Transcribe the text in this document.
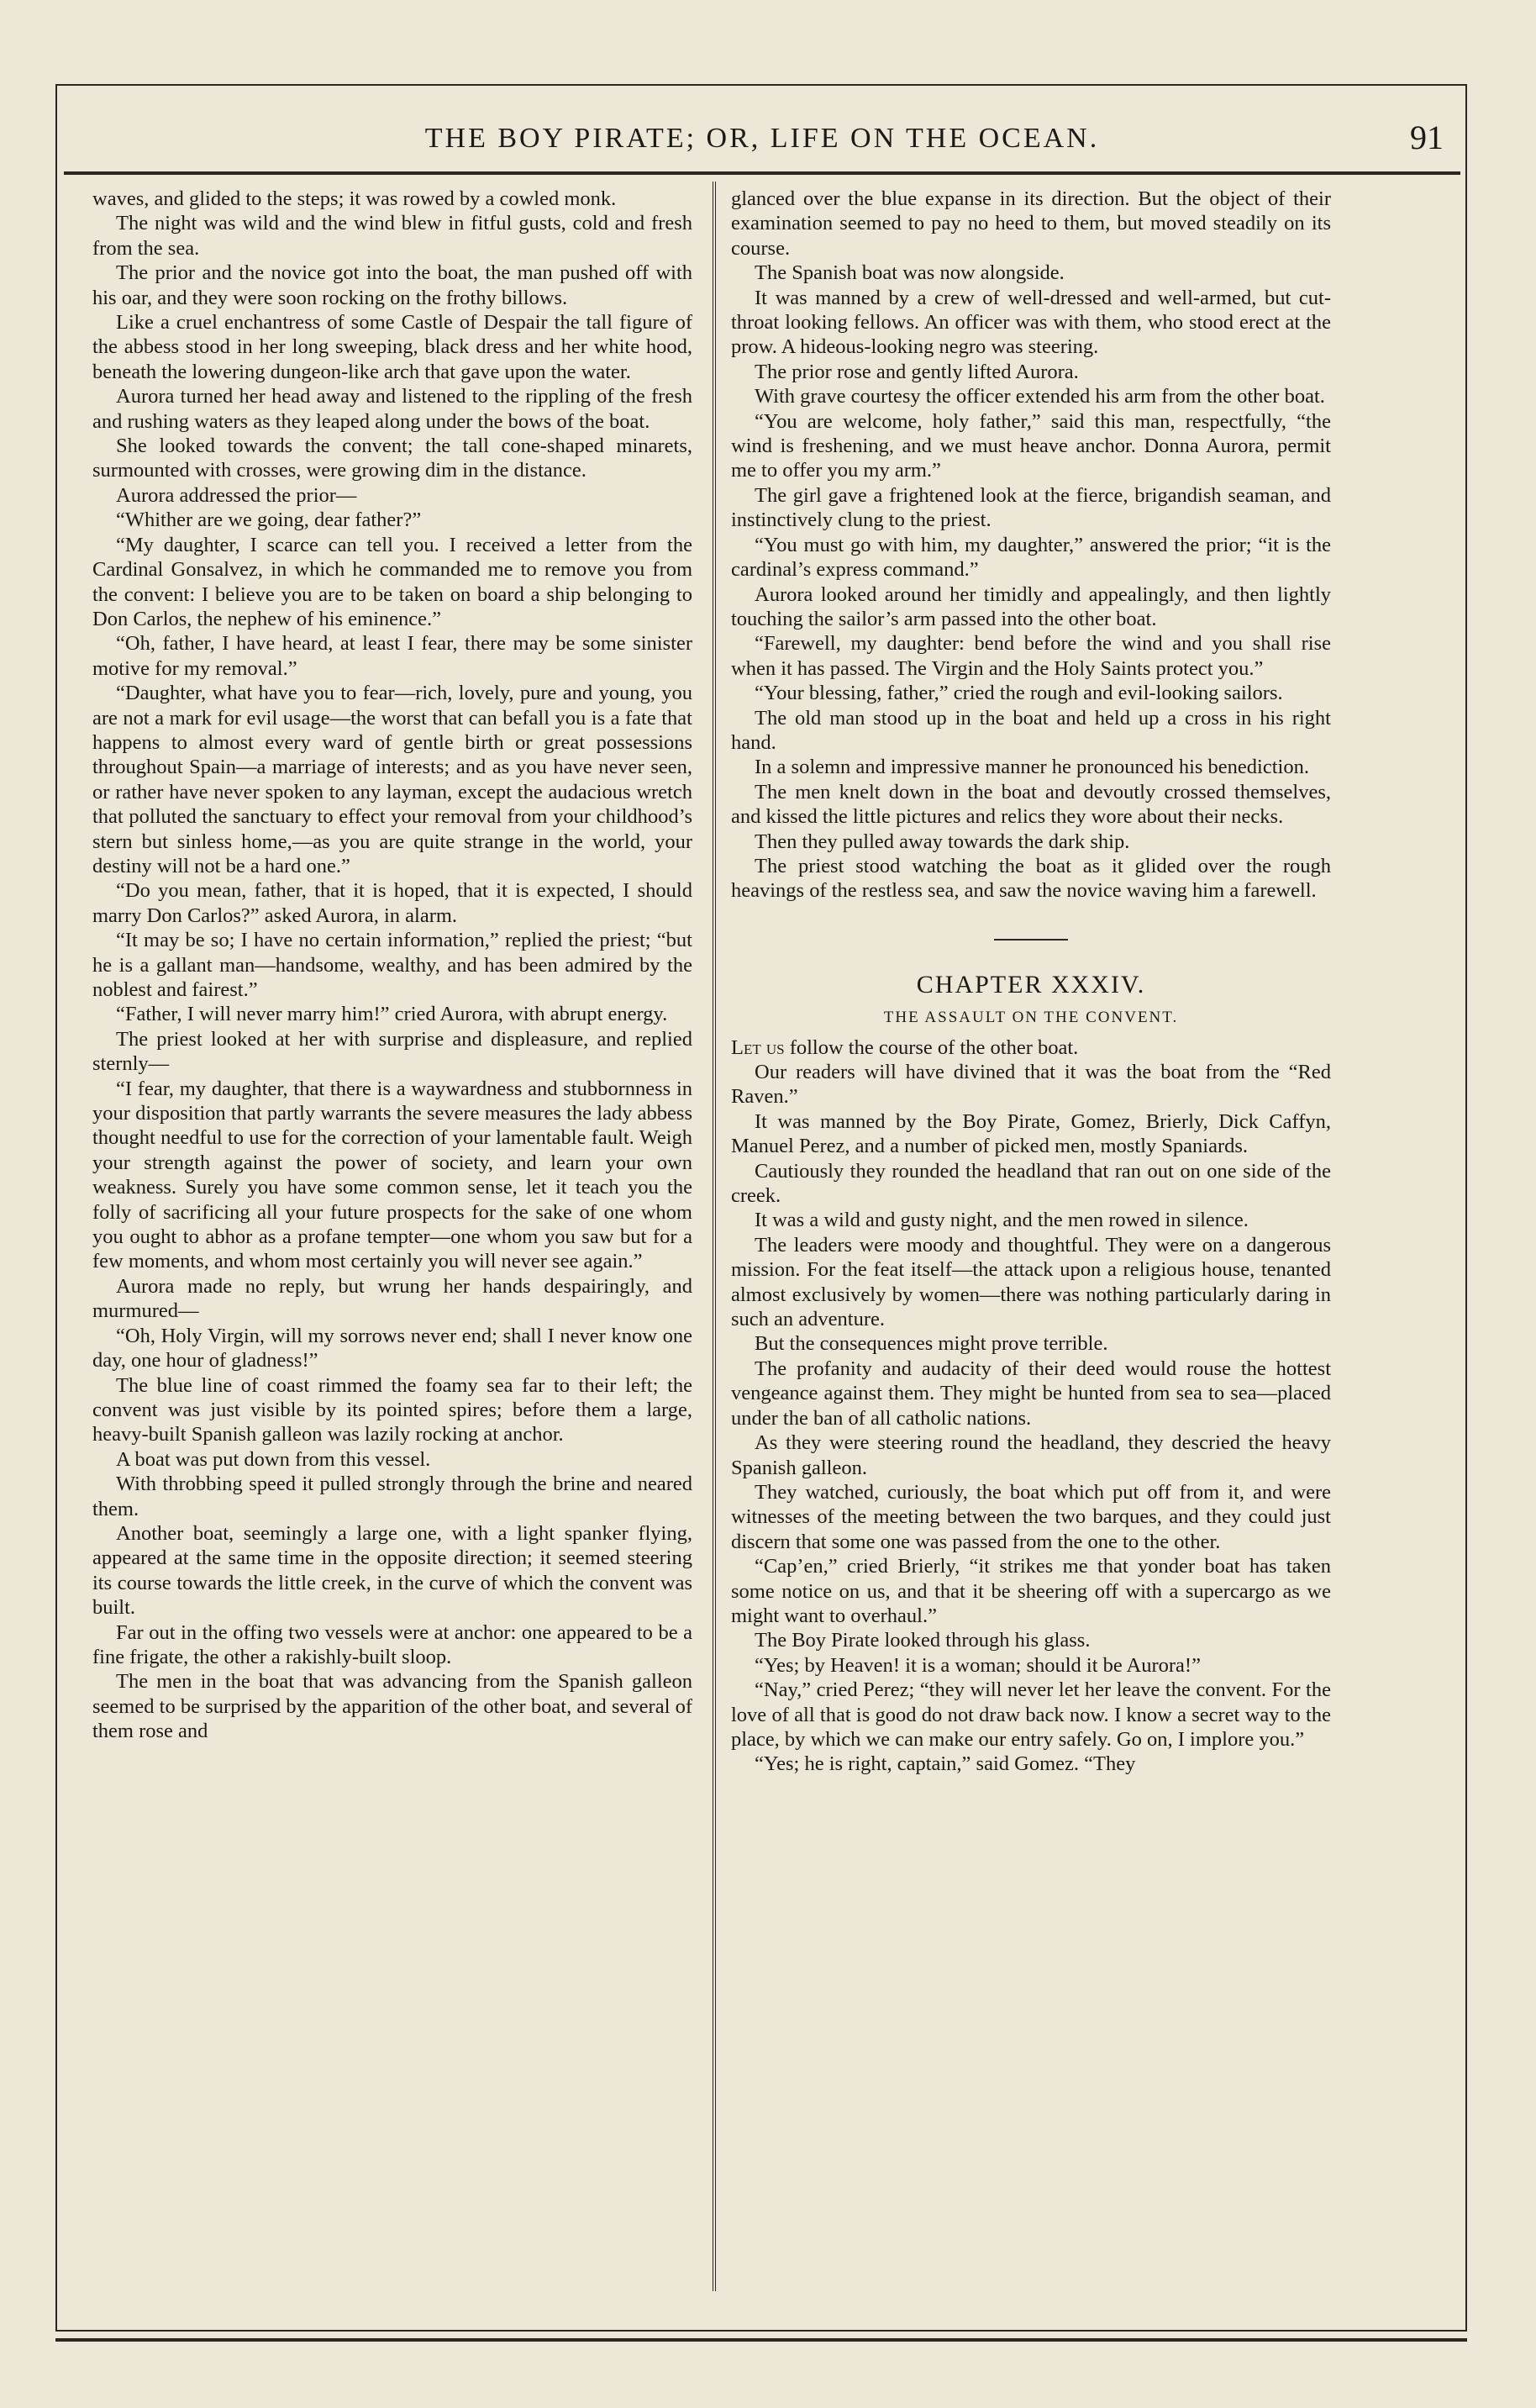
THE BOY PIRATE; OR, LIFE ON THE OCEAN.	91

waves, and glided to the steps; it was rowed by a cowled monk.

The night was wild and the wind blew in fitful gusts, cold and fresh from the sea.

The prior and the novice got into the boat, the man pushed off with his oar, and they were soon rocking on the frothy billows.

Like a cruel enchantress of some Castle of Despair the tall figure of the abbess stood in her long sweeping, black dress and her white hood, beneath the lowering dungeon-like arch that gave upon the water.

Aurora turned her head away and listened to the rippling of the fresh and rushing waters as they leaped along under the bows of the boat.

She looked towards the convent; the tall cone-shaped minarets, surmounted with crosses, were growing dim in the distance.

Aurora addressed the prior—

“Whither are we going, dear father?”

“My daughter, I scarce can tell you. I received a letter from the Cardinal Gonsalvez, in which he commanded me to remove you from the convent: I believe you are to be taken on board a ship belonging to Don Carlos, the nephew of his eminence.”

“Oh, father, I have heard, at least I fear, there may be some sinister motive for my removal.”

“Daughter, what have you to fear—rich, lovely, pure and young, you are not a mark for evil usage—the worst that can befall you is a fate that happens to almost every ward of gentle birth or great possessions throughout Spain—a marriage of interests; and as you have never seen, or rather have never spoken to any layman, except the audacious wretch that polluted the sanctuary to effect your removal from your childhood’s stern but sinless home,—as you are quite strange in the world, your destiny will not be a hard one.”

“Do you mean, father, that it is hoped, that it is expected, I should marry Don Carlos?” asked Aurora, in alarm.

“It may be so; I have no certain information,” replied the priest; “but he is a gallant man—handsome, wealthy, and has been admired by the noblest and fairest.”

“Father, I will never marry him!” cried Aurora, with abrupt energy.

The priest looked at her with surprise and displeasure, and replied sternly—

“I fear, my daughter, that there is a waywardness and stubbornness in your disposition that partly warrants the severe measures the lady abbess thought needful to use for the correction of your lamentable fault. Weigh your strength against the power of society, and learn your own weakness. Surely you have some common sense, let it teach you the folly of sacrificing all your future prospects for the sake of one whom you ought to abhor as a profane tempter—one whom you saw but for a few moments, and whom most certainly you will never see again.”

Aurora made no reply, but wrung her hands despairingly, and murmured—

“Oh, Holy Virgin, will my sorrows never end; shall I never know one day, one hour of gladness!”

The blue line of coast rimmed the foamy sea far to their left; the convent was just visible by its pointed spires; before them a large, heavy-built Spanish galleon was lazily rocking at anchor.

A boat was put down from this vessel.

With throbbing speed it pulled strongly through the brine and neared them.

Another boat, seemingly a large one, with a light spanker flying, appeared at the same time in the opposite direction; it seemed steering its course towards the little creek, in the curve of which the convent was built.

Far out in the offing two vessels were at anchor: one appeared to be a fine frigate, the other a rakishly-built sloop.

The men in the boat that was advancing from the Spanish galleon seemed to be surprised by the apparition of the other boat, and several of them rose and

glanced over the blue expanse in its direction. But the object of their examination seemed to pay no heed to them, but moved steadily on its course.

The Spanish boat was now alongside.

It was manned by a crew of well-dressed and well-armed, but cut-throat looking fellows. An officer was with them, who stood erect at the prow. A hideous-looking negro was steering.

The prior rose and gently lifted Aurora.

With grave courtesy the officer extended his arm from the other boat.

“You are welcome, holy father,” said this man, respectfully, “the wind is freshening, and we must heave anchor. Donna Aurora, permit me to offer you my arm.”

The girl gave a frightened look at the fierce, brigandish seaman, and instinctively clung to the priest.

“You must go with him, my daughter,” answered the prior; “it is the cardinal’s express command.”

Aurora looked around her timidly and appealingly, and then lightly touching the sailor’s arm passed into the other boat.

“Farewell, my daughter: bend before the wind and you shall rise when it has passed. The Virgin and the Holy Saints protect you.”

“Your blessing, father,” cried the rough and evil-looking sailors.

The old man stood up in the boat and held up a cross in his right hand.

In a solemn and impressive manner he pronounced his benediction.

The men knelt down in the boat and devoutly crossed themselves, and kissed the little pictures and relics they wore about their necks.

Then they pulled away towards the dark ship.

The priest stood watching the boat as it glided over the rough heavings of the restless sea, and saw the novice waving him a farewell.

CHAPTER XXXIV.
THE ASSAULT ON THE CONVENT.

Let us follow the course of the other boat.

Our readers will have divined that it was the boat from the “Red Raven.”

It was manned by the Boy Pirate, Gomez, Brierly, Dick Caffyn, Manuel Perez, and a number of picked men, mostly Spaniards.

Cautiously they rounded the headland that ran out on one side of the creek.

It was a wild and gusty night, and the men rowed in silence.

The leaders were moody and thoughtful. They were on a dangerous mission. For the feat itself—the attack upon a religious house, tenanted almost exclusively by women—there was nothing particularly daring in such an adventure.

But the consequences might prove terrible.

The profanity and audacity of their deed would rouse the hottest vengeance against them. They might be hunted from sea to sea—placed under the ban of all catholic nations.

As they were steering round the headland, they descried the heavy Spanish galleon.

They watched, curiously, the boat which put off from it, and were witnesses of the meeting between the two barques, and they could just discern that some one was passed from the one to the other.

“Cap’en,” cried Brierly, “it strikes me that yonder boat has taken some notice on us, and that it be sheering off with a supercargo as we might want to overhaul.”

The Boy Pirate looked through his glass.

“Yes; by Heaven! it is a woman; should it be Aurora!”

“Nay,” cried Perez; “they will never let her leave the convent. For the love of all that is good do not draw back now. I know a secret way to the place, by which we can make our entry safely. Go on, I implore you.”

“Yes; he is right, captain,” said Gomez. “They
